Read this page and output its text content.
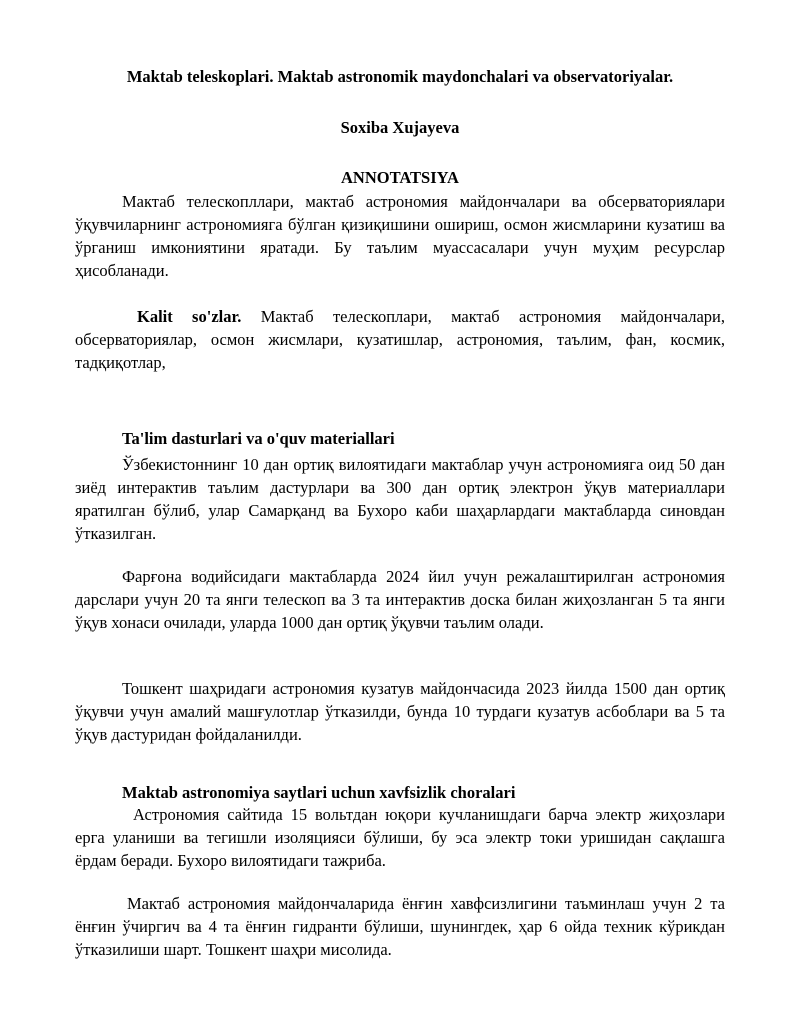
Maktab teleskoplari. Maktab astronomik maydonchalari va observatoriyalar.
Soxiba Xujayeva
ANNOTATSIYA

Мактаб телескопллари, мактаб астрономия майдончалари ва обсерваториялари ўқувчиларнинг астрономияга бўлган қизиқишини ошириш, осмон жисмларини кузатиш ва ўрганиш имкониятини яратади. Бу таълим муассасалари учун муҳим ресурслар ҳисобланади.

Kalit so'zlar. Мактаб телескоплари, мактаб астрономия майдончалари, обсерваториялар, осмон жисмлари, кузатишлар, астрономия, таълим, фан, космик, тадқиқотлар,

Ta'lim dasturlari va o'quv materiallari

Ўзбекистоннинг 10 дан ортиқ вилоятидаги мактаблар учун астрономияга оид 50 дан зиёд интерактив таълим дастурлари ва 300 дан ортиқ электрон ўқув материаллари яратилган бўлиб, улар Самарқанд ва Бухоро каби шаҳарлардаги мактабларда синовдан ўтказилган.

Фарғона водийсидаги мактабларда 2024 йил учун режалаштирилган астрономия дарслари учун 20 та янги телескоп ва 3 та интерактив доска билан жиҳозланган 5 та янги ўқув хонаси очилади, уларда 1000 дан ортиқ ўқувчи таълим олади.

Тошкент шаҳридаги астрономия кузатув майдончасида 2023 йилда 1500 дан ортиқ ўқувчи учун амалий машғулотлар ўтказилди, бунда 10 турдаги кузатув асбоблари ва 5 та ўқув дастуридан фойдаланилди.

Maktab astronomiya saytlari uchun xavfsizlik choralari

Астрономия сайтида 15 вольтдан юқори кучланишдаги барча электр жиҳозлари ерга уланиши ва тегишли изоляцияси бўлиши, бу эса электр токи уришидан сақлашга ёрдам беради. Бухоро вилоятидаги тажриба.

Мактаб астрономия майдончаларида ёнғин хавфсизлигини таъминлаш учун 2 та ёнғин ўчиргич ва 4 та ёнғин гидранти бўлиши, шунингдек, ҳар 6 ойда техник кўрикдан ўтказилиши шарт. Тошкент шаҳри мисолида.
